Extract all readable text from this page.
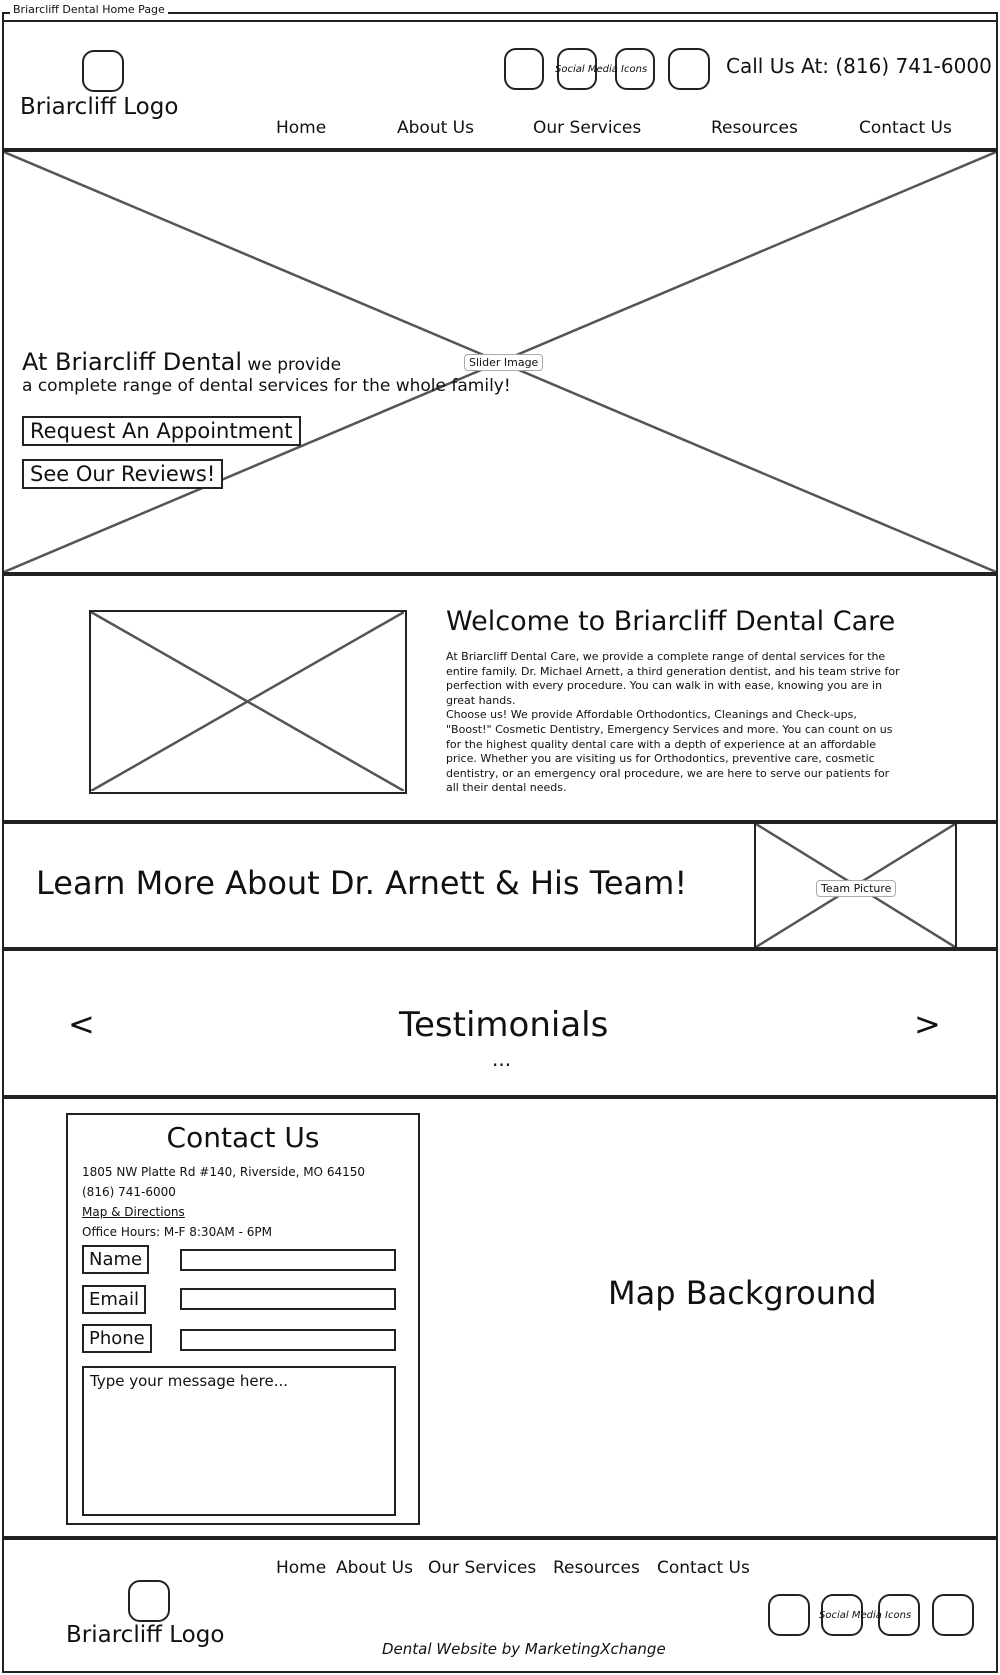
Briarcliff Dental Home Page
Briarcliff Logo
Social Media Icons	Call Us At: (816) 741-6000
Home	About Us	Our Services	Resources	Contact Us
Slider Image
At Briarcliff Dental we provide
a complete range of dental services for the whole family!
Request An Appointment
See Our Reviews!
Welcome to Briarcliff Dental Care
At Briarcliff Dental Care, we provide a complete range of dental services for the entire family. Dr. Michael Arnett, a third generation dentist, and his team strive for perfection with every procedure. You can walk in with ease, knowing you are in great hands.
Choose us! We provide Affordable Orthodontics, Cleanings and Check-ups, "Boost!" Cosmetic Dentistry, Emergency Services and more. You can count on us for the highest quality dental care with a depth of experience at an affordable price. Whether you are visiting us for Orthodontics, preventive care, cosmetic dentistry, or an emergency oral procedure, we are here to serve our patients for all their dental needs.
Learn More About Dr. Arnett & His Team!	Team Picture
<	Testimonials
...
>
Contact Us
1805 NW Platte Rd #140, Riverside, MO 64150
(816) 741-6000
Map & Directions
Office Hours: M-F 8:30AM - 6PM
Name
Email
Phone
Type your message here...
Map Background
Home About Us Our Services Resources Contact Us
Briarcliff Logo
Social Media Icons
Dental Website by MarketingXchange
